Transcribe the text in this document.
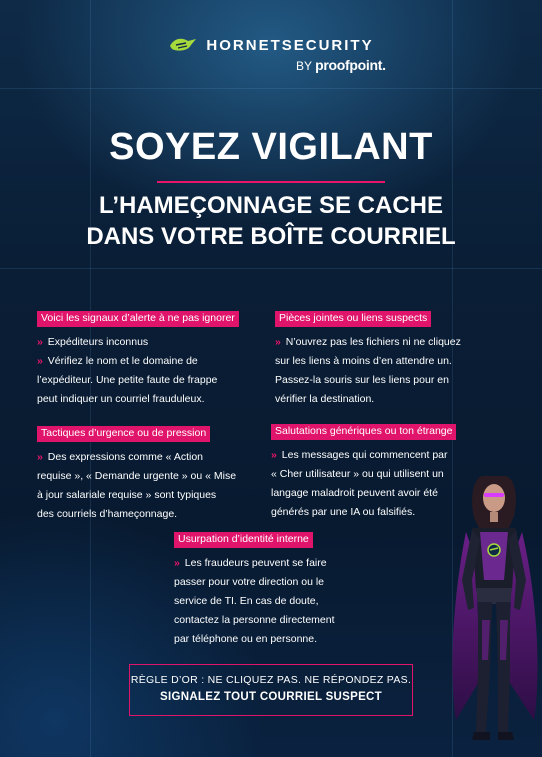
HORNETSECURITY
BY proofpoint.
SOYEZ VIGILANT
L’HAMEÇONNAGE SE CACHE
DANS VOTRE BOÎTE COURRIEL
Voici les signaux d’alerte à ne pas ignorer
» Expéditeurs inconnus
» Vérifiez le nom et le domaine de
l’expéditeur. Une petite faute de frappe
peut indiquer un courriel frauduleux.
Pièces jointes ou liens suspects
» N’ouvrez pas les fichiers ni ne cliquez
sur les liens à moins d’en attendre un.
Passez-la souris sur les liens pour en
vérifier la destination.
Tactiques d’urgence ou de pression
» Des expressions comme « Action
requise », « Demande urgente » ou « Mise
à jour salariale requise » sont typiques
des courriels d’hameçonnage.
Salutations génériques ou ton étrange
» Les messages qui commencent par
« Cher utilisateur » ou qui utilisent un
langage maladroit peuvent avoir été
générés par une IA ou falsifiés.
Usurpation d’identité interne
» Les fraudeurs peuvent se faire
passer pour votre direction ou le
service de TI. En cas de doute,
contactez la personne directement
par téléphone ou en personne.
RÈGLE D’OR : NE CLIQUEZ PAS. NE RÉPONDEZ PAS.
SIGNALEZ TOUT COURRIEL SUSPECT
